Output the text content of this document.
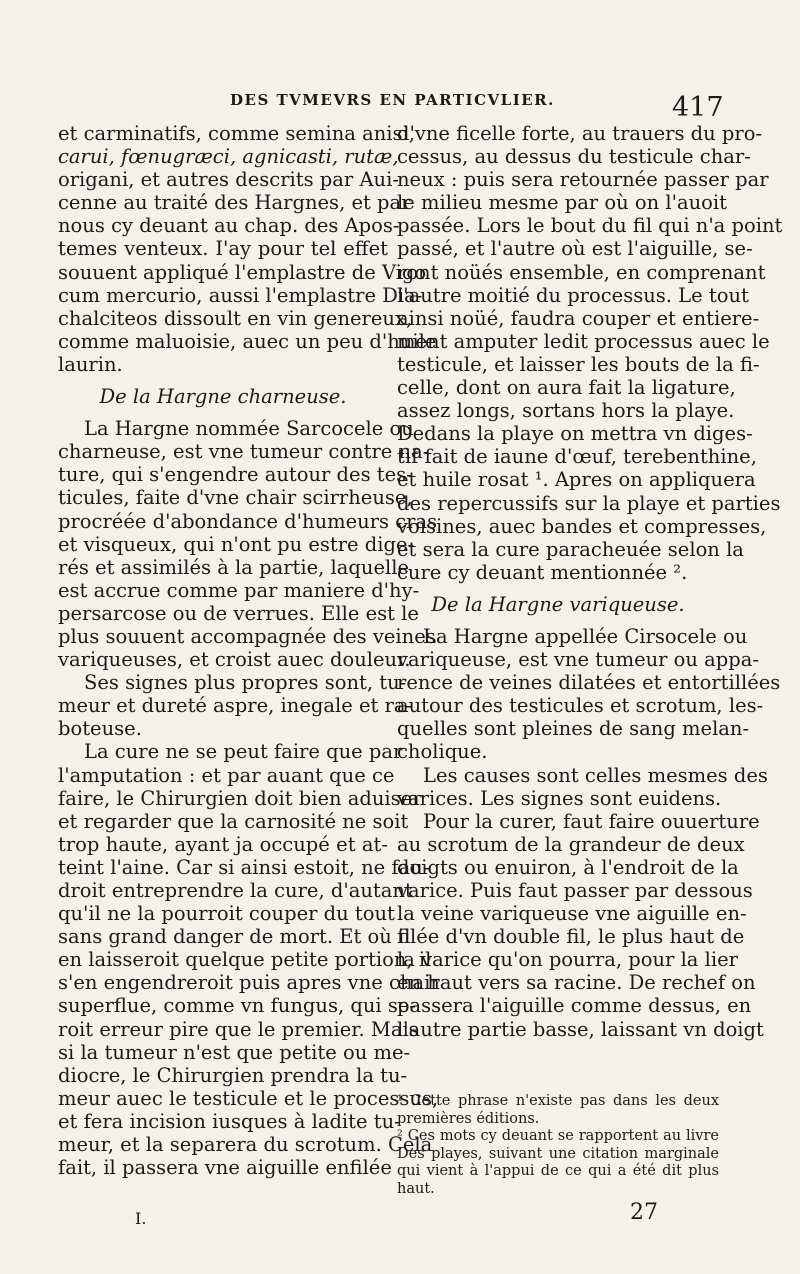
DES TVMEVRS EN PARTICVLIER.	417
et carminatifs, comme semina anisi,
carui, fœnugræci, agnicasti, rutæ,
origani, et autres descrits par Aui-
cenne au traité des Hargnes, et par
nous cy deuant au chap. des Apos-
temes venteux. I'ay pour tel effet
souuent appliqué l'emplastre de Vigo
cum mercurio, aussi l'emplastre Dia-
chalciteos dissoult en vin genereux,
comme maluoisie, auec un peu d'huile
laurin.
De la Hargne charneuse.
La Hargne nommée Sarcocele ou
charneuse, est vne tumeur contre na-
ture, qui s'engendre autour des tes-
ticules, faite d'vne chair scirrheuse,
procréée d'abondance d'humeurs cras
et visqueux, qui n'ont pu estre dige-
rés et assimilés à la partie, laquelle
est accrue comme par maniere d'hy-
persarcose ou de verrues. Elle est le
plus souuent accompagnée des veines
variqueuses, et croist auec douleur.
Ses signes plus propres sont, tu-
meur et dureté aspre, inegale et ra-
boteuse.
La cure ne se peut faire que par
l'amputation : et par auant que ce
faire, le Chirurgien doit bien aduiser
et regarder que la carnosité ne soit
trop haute, ayant ja occupé et at-
teint l'aine. Car si ainsi estoit, ne fau-
droit entreprendre la cure, d'autant
qu'il ne la pourroit couper du tout
sans grand danger de mort. Et où il
en laisseroit quelque petite portion, il
s'en engendreroit puis apres vne chair
superflue, comme vn fungus, qui se-
roit erreur pire que le premier. Mais
si la tumeur n'est que petite ou me-
diocre, le Chirurgien prendra la tu-
meur auec le testicule et le processus,
et fera incision iusques à ladite tu-
meur, et la separera du scrotum. Cela
fait, il passera vne aiguille enfilée
d'vne ficelle forte, au trauers du pro-
cessus, au dessus du testicule char-
neux : puis sera retournée passer par
le milieu mesme par où on l'auoit
passée. Lors le bout du fil qui n'a point
passé, et l'autre où est l'aiguille, se-
ront noüés ensemble, en comprenant
l'autre moitié du processus. Le tout
ainsi noüé, faudra couper et entiere-
ment amputer ledit processus auec le
testicule, et laisser les bouts de la fi-
celle, dont on aura fait la ligature,
assez longs, sortans hors la playe.
Dedans la playe on mettra vn diges-
tif fait de iaune d'œuf, terebenthine,
et huile rosat ¹. Apres on appliquera
des repercussifs sur la playe et parties
voisines, auec bandes et compresses,
et sera la cure paracheuée selon la
cure cy deuant mentionnée ².
De la Hargne variqueuse.
La Hargne appellée Cirsocele ou
variqueuse, est vne tumeur ou appa-
rence de veines dilatées et entortillées
autour des testicules et scrotum, les-
quelles sont pleines de sang melan-
cholique.
Les causes sont celles mesmes des
varices. Les signes sont euidens.
Pour la curer, faut faire ouuerture
au scrotum de la grandeur de deux
doigts ou enuiron, à l'endroit de la
varice. Puis faut passer par dessous
la veine variqueuse vne aiguille en-
filée d'vn double fil, le plus haut de
la varice qu'on pourra, pour la lier
en haut vers sa racine. De rechef on
passera l'aiguille comme dessus, en
l'autre partie basse, laissant vn doigt
¹ Cette phrase n'existe pas dans les deux
premières éditions.
² Ces mots cy deuant se rapportent au livre
Des playes, suivant une citation marginale
qui vient à l'appui de ce qui a été dit plus
haut.
I.	27
